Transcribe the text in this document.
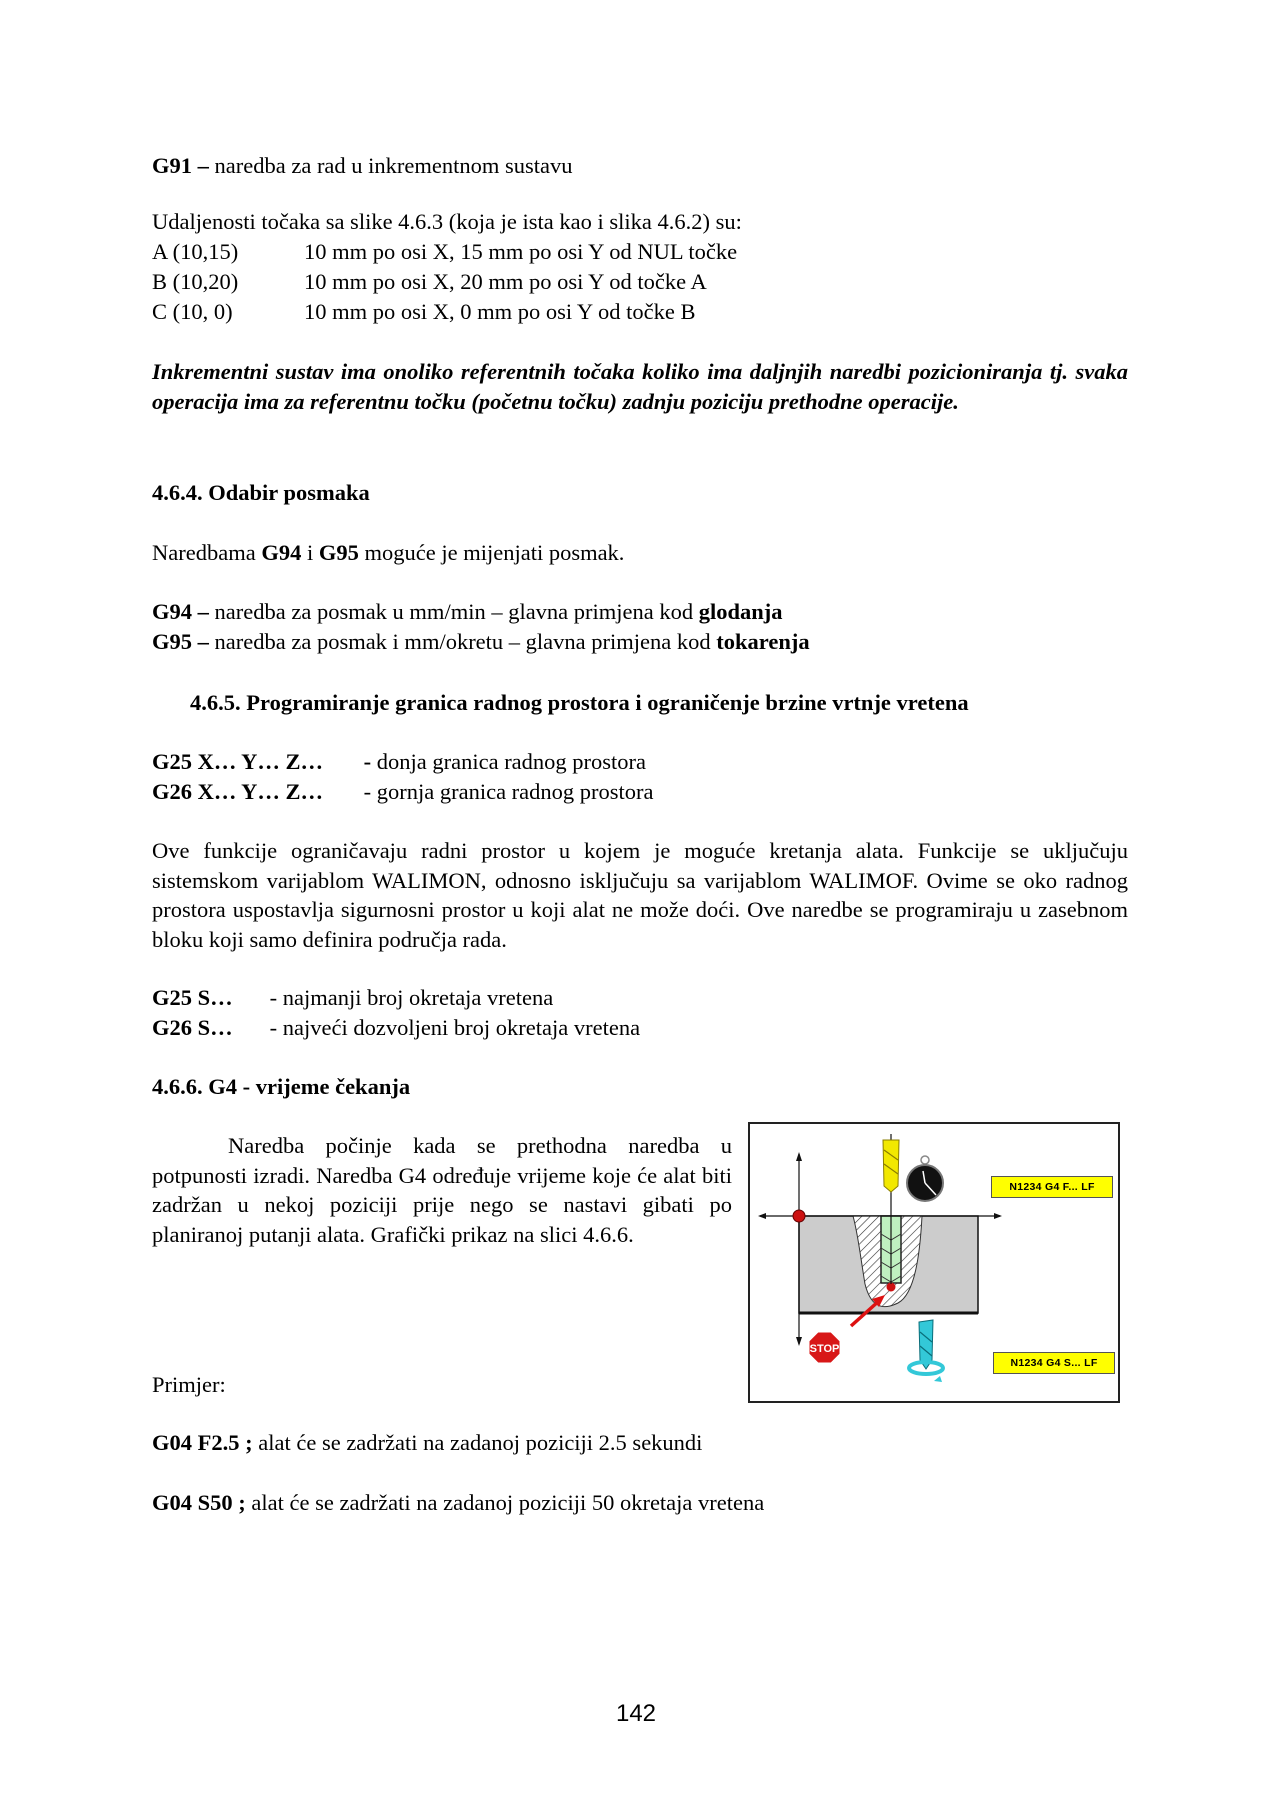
G91 – naredba za rad u inkrementnom sustavu
Udaljenosti točaka sa slike 4.6.3 (koja je ista kao i slika 4.6.2) su:
A (10,15)	10 mm po osi X, 15 mm po osi Y od NUL točke
B (10,20)	10 mm po osi X, 20 mm po osi Y od točke A
C (10, 0)	10 mm po osi X, 0 mm po osi Y od točke B
Inkrementni sustav ima onoliko referentnih točaka koliko ima daljnjih naredbi pozicioniranja tj. svaka operacija ima za referentnu točku (početnu točku) zadnju poziciju prethodne operacije.
4.6.4. Odabir posmaka
Naredbama G94 i G95 moguće je mijenjati posmak.
G94 – naredba za posmak u mm/min – glavna primjena kod glodanja
G95 – naredba za posmak i mm/okretu – glavna primjena kod tokarenja
4.6.5. Programiranje granica radnog prostora i ograničenje brzine vrtnje vretena
G25 X… Y… Z… - donja granica radnog prostora
G26 X… Y… Z… - gornja granica radnog prostora
Ove funkcije ograničavaju radni prostor u kojem je moguće kretanja alata. Funkcije se uključuju sistemskom varijablom WALIMON, odnosno isključuju sa varijablom WALIMOF. Ovime se oko radnog prostora uspostavlja sigurnosni prostor u koji alat ne može doći. Ove naredbe se programiraju u zasebnom bloku koji samo definira područja rada.
G25 S… - najmanji broj okretaja vretena
G26 S… - najveći dozvoljeni broj okretaja vretena
4.6.6. G4 - vrijeme čekanja
Naredba počinje kada se prethodna naredba u potpunosti izradi. Naredba G4 određuje vrijeme koje će alat biti zadržan u nekoj poziciji prije nego se nastavi gibati po planiranoj putanji alata. Grafički prikaz na slici 4.6.6.
Primjer:
G04 F2.5 ; alat će se zadržati na zadanoj poziciji 2.5 sekundi
G04 S50 ; alat će se zadržati na zadanoj poziciji 50 okretaja vretena
STOP
N1234 G4 F... LF
N1234 G4 S... LF
142
